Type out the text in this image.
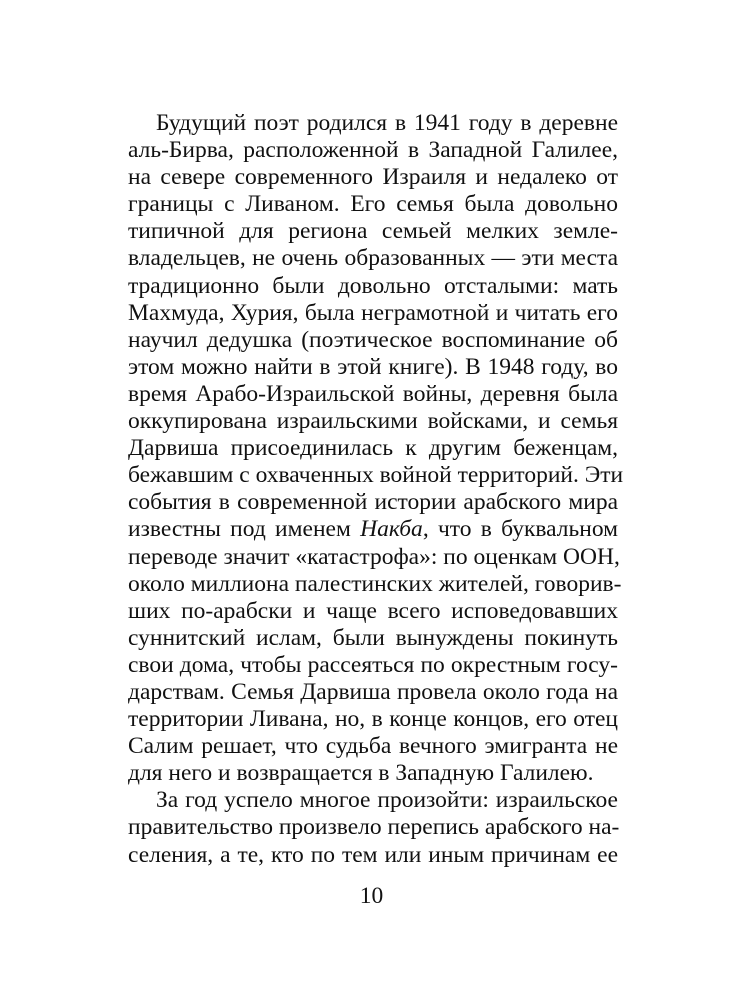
Будущий поэт родился в 1941 году в деревне
аль-Бирва, расположенной в Западной Галилее,
на севере современного Израиля и недалеко от
границы с Ливаном. Его семья была довольно
типичной для региона семьей мелких земле-
владельцев, не очень образованных — эти места
традиционно были довольно отсталыми: мать
Махмуда, Хурия, была неграмотной и читать его
научил дедушка (поэтическое воспоминание об
этом можно найти в этой книге). В 1948 году, во
время Арабо-Израильской войны, деревня была
оккупирована израильскими войсками, и семья
Дарвиша присоединилась к другим беженцам,
бежавшим с охваченных войной территорий. Эти
события в современной истории арабского мира
известны под именем Накба, что в буквальном
переводе значит «катастрофа»: по оценкам ООН,
около миллиона палестинских жителей, говорив-
ших по-арабски и чаще всего исповедовавших
суннитский ислам, были вынуждены покинуть
свои дома, чтобы рассеяться по окрестным госу-
дарствам. Семья Дарвиша провела около года на
территории Ливана, но, в конце концов, его отец
Салим решает, что судьба вечного эмигранта не
для него и возвращается в Западную Галилею.
За год успело многое произойти: израильское
правительство произвело перепись арабского на-
селения, а те, кто по тем или иным причинам ее
10
